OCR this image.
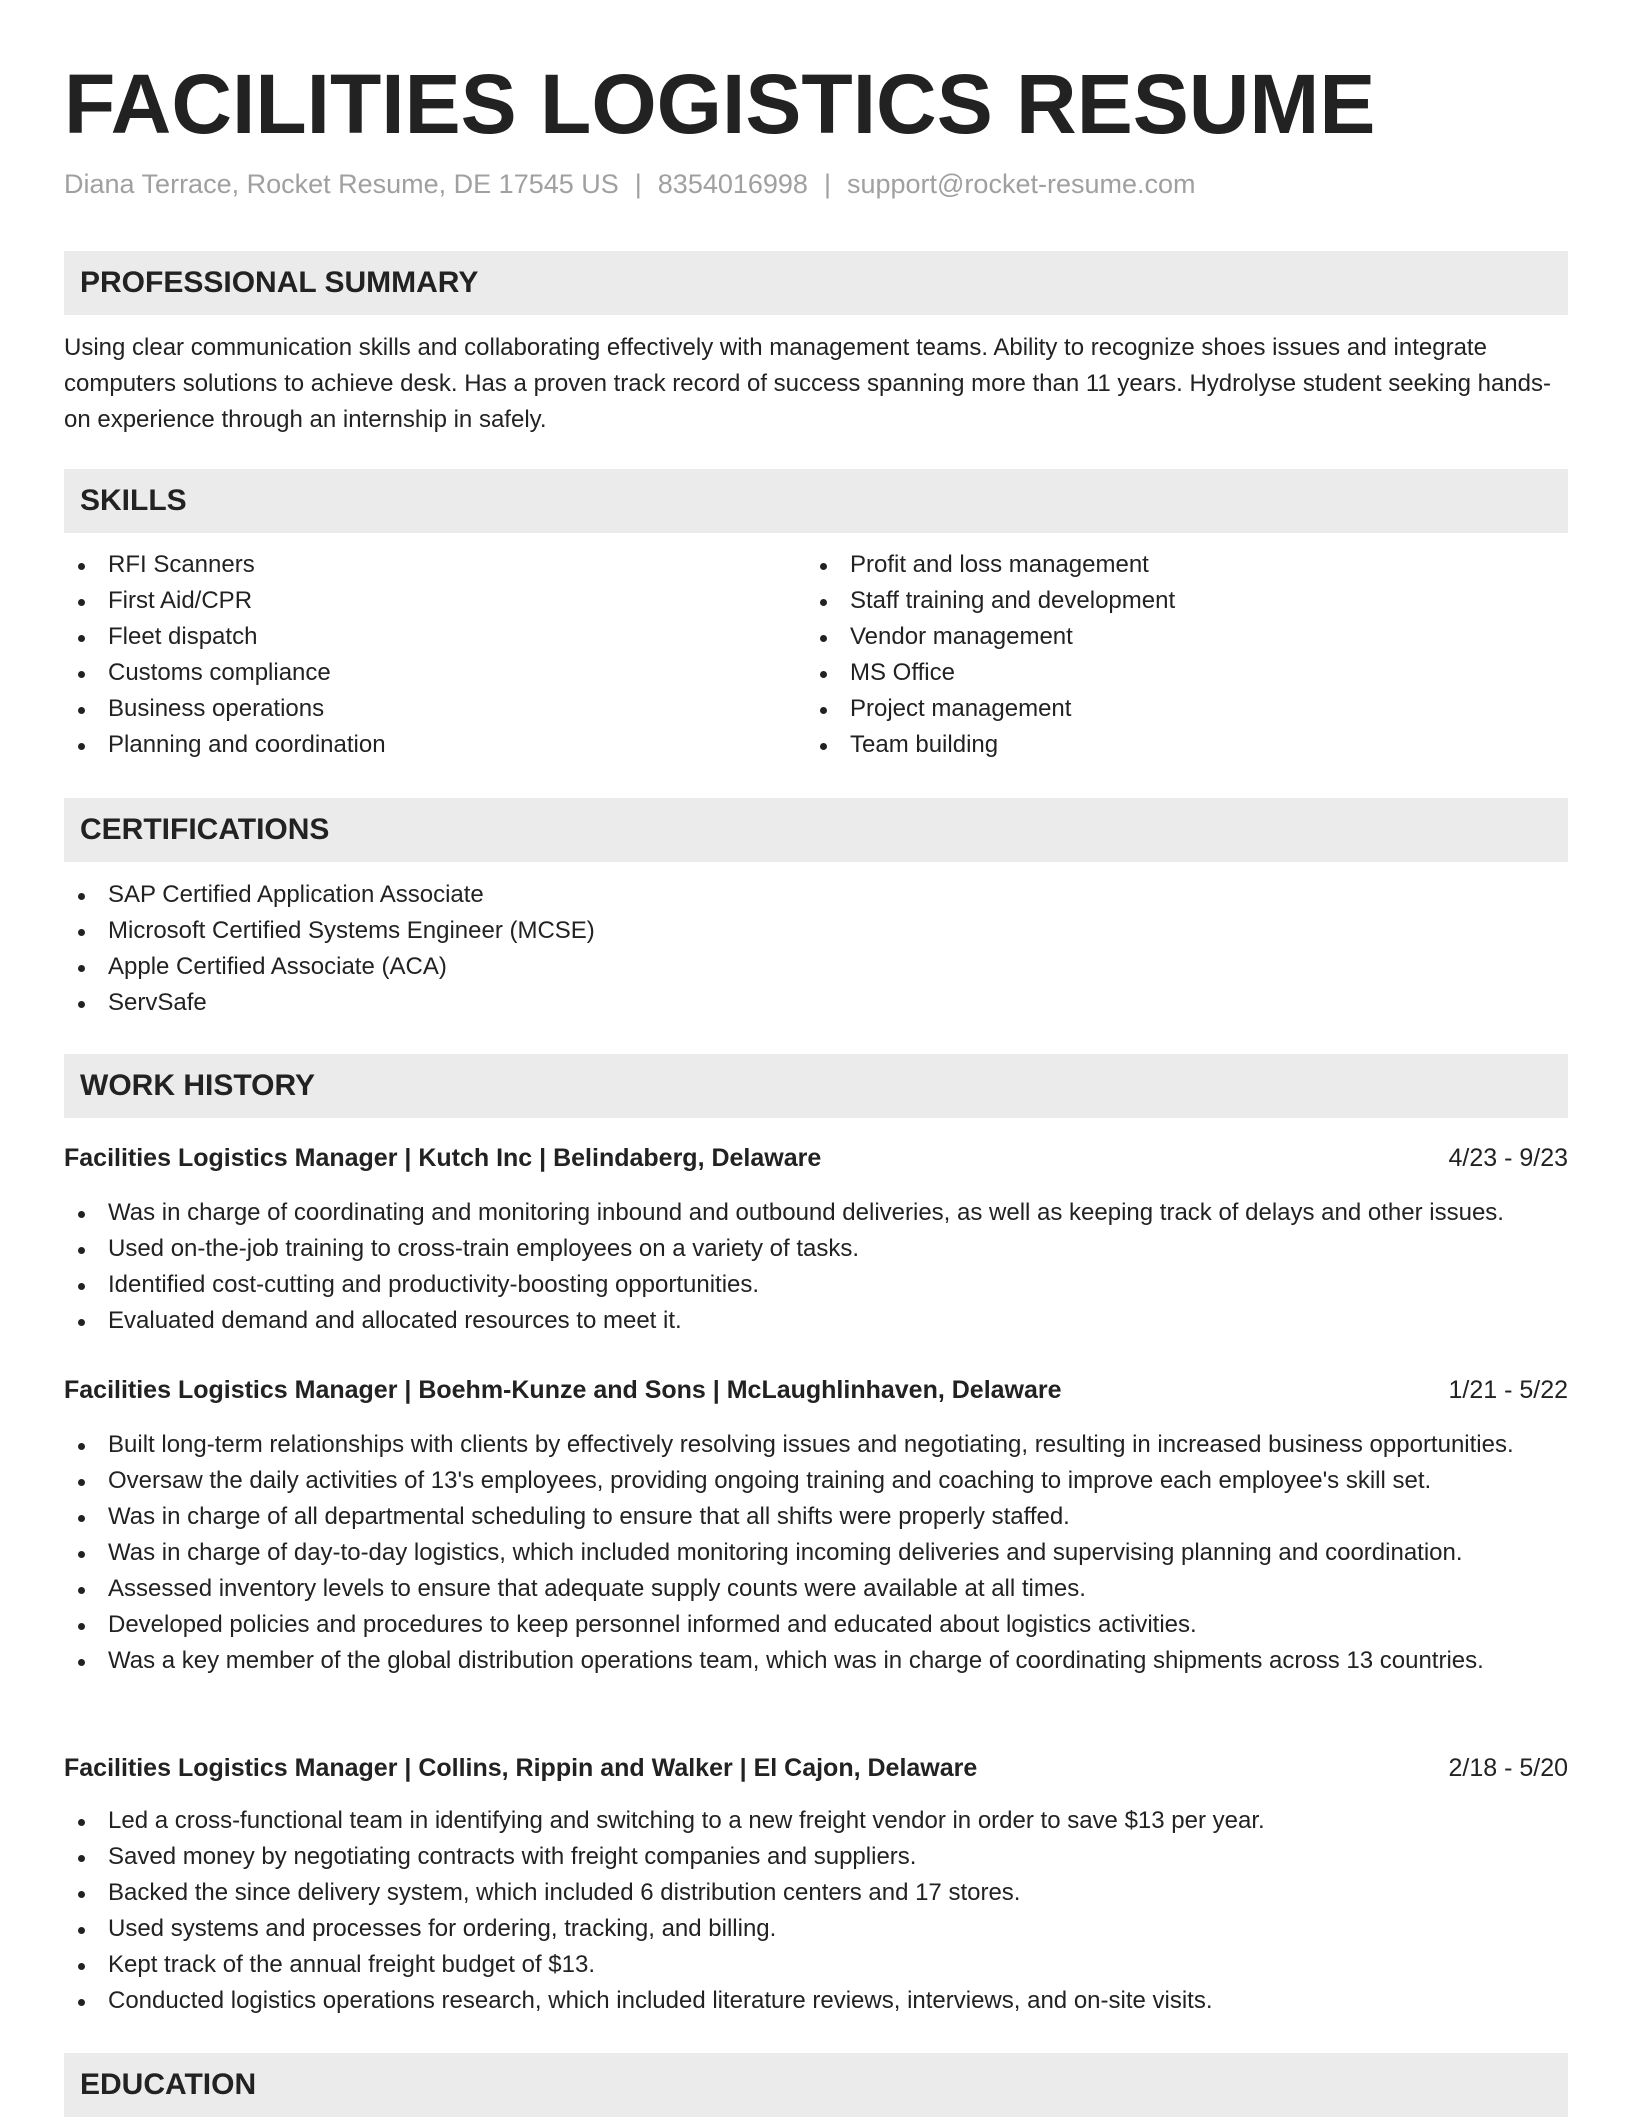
FACILITIES LOGISTICS RESUME
Diana Terrace, Rocket Resume, DE 17545 US | 8354016998 | support@rocket-resume.com
PROFESSIONAL SUMMARY
Using clear communication skills and collaborating effectively with management teams. Ability to recognize shoes issues and integrate computers solutions to achieve desk. Has a proven track record of success spanning more than 11 years. Hydrolyse student seeking hands-on experience through an internship in safely.
SKILLS
RFI Scanners
First Aid/CPR
Fleet dispatch
Customs compliance
Business operations
Planning and coordination
Profit and loss management
Staff training and development
Vendor management
MS Office
Project management
Team building
CERTIFICATIONS
SAP Certified Application Associate
Microsoft Certified Systems Engineer (MCSE)
Apple Certified Associate (ACA)
ServSafe
WORK HISTORY
Facilities Logistics Manager | Kutch Inc | Belindaberg, Delaware	4/23 - 9/23
Was in charge of coordinating and monitoring inbound and outbound deliveries, as well as keeping track of delays and other issues.
Used on-the-job training to cross-train employees on a variety of tasks.
Identified cost-cutting and productivity-boosting opportunities.
Evaluated demand and allocated resources to meet it.
Facilities Logistics Manager | Boehm-Kunze and Sons | McLaughlinhaven, Delaware	1/21 - 5/22
Built long-term relationships with clients by effectively resolving issues and negotiating, resulting in increased business opportunities.
Oversaw the daily activities of 13's employees, providing ongoing training and coaching to improve each employee's skill set.
Was in charge of all departmental scheduling to ensure that all shifts were properly staffed.
Was in charge of day-to-day logistics, which included monitoring incoming deliveries and supervising planning and coordination.
Assessed inventory levels to ensure that adequate supply counts were available at all times.
Developed policies and procedures to keep personnel informed and educated about logistics activities.
Was a key member of the global distribution operations team, which was in charge of coordinating shipments across 13 countries.
Facilities Logistics Manager | Collins, Rippin and Walker | El Cajon, Delaware	2/18 - 5/20
Led a cross-functional team in identifying and switching to a new freight vendor in order to save $13 per year.
Saved money by negotiating contracts with freight companies and suppliers.
Backed the since delivery system, which included 6 distribution centers and 17 stores.
Used systems and processes for ordering, tracking, and billing.
Kept track of the annual freight budget of $13.
Conducted logistics operations research, which included literature reviews, interviews, and on-site visits.
EDUCATION
